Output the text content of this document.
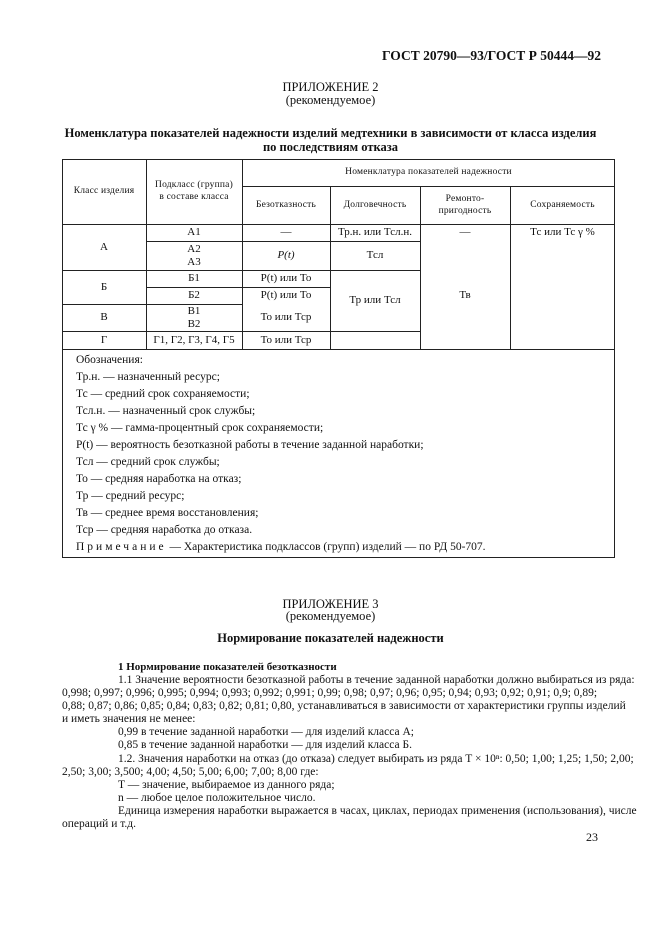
ГОСТ 20790—93/ГОСТ Р 50444—92
ПРИЛОЖЕНИЕ 2
(рекомендуемое)
Номенклатура показателей надежности изделий медтехники в зависимости от класса изделия
по последствиям отказа
Класс изделия
Подкласс (группа)
в составе класса
Номенклатура показателей надежности
Безотказность	Долговечность
Ремонто-
пригодность
Сохраняемость
А
Б
В
Г
А1
А2
А3
Б1
Б2
В1
В2
Г1, Г2, Г3, Г4, Г5
—
P(t)
P(t) или То
P(t) или То
То или Тср
То или Тср
Тр.н. или Тсл.н.
Тсл
Тр или Тсл
—
Тв
Тс или Тс γ %
Обозначения:
Тр.н. — назначенный ресурс;
Тс — средний срок сохраняемости;
Тсл.н. — назначенный срок службы;
Тс γ % — гамма-процентный срок сохраняемости;
P(t) — вероятность безотказной работы в течение заданной наработки;
Тсл — средний срок службы;
То — средняя наработка на отказ;
Тр — средний ресурс;
Тв — среднее время восстановления;
Тср — средняя наработка до отказа.
Примечание — Характеристика подклассов (групп) изделий — по РД 50-707.
ПРИЛОЖЕНИЕ 3
(рекомендуемое)
Нормирование показателей надежности
1 Нормирование показателей безотказности
1.1 Значение вероятности безотказной работы в течение заданной наработки должно выбираться из ряда:
0,998; 0,997; 0,996; 0,995; 0,994; 0,993; 0,992; 0,991; 0,99; 0,98; 0,97; 0,96; 0,95; 0,94; 0,93; 0,92; 0,91; 0,9; 0,89;
0,88; 0,87; 0,86; 0,85; 0,84; 0,83; 0,82; 0,81; 0,80, устанавливаться в зависимости от характеристики группы изделий
и иметь значения не менее:
0,99 в течение заданной наработки — для изделий класса А;
0,85 в течение заданной наработки — для изделий класса Б.
1.2. Значения наработки на отказ (до отказа) следует выбирать из ряда T × 10ⁿ: 0,50; 1,00; 1,25; 1,50; 2,00;
2,50; 3,00; 3,500; 4,00; 4,50; 5,00; 6,00; 7,00; 8,00 где:
T — значение, выбираемое из данного ряда;
n — любое целое положительное число.
Единица измерения наработки выражается в часах, циклах, периодах применения (использования), числе
операций и т.д.
23
